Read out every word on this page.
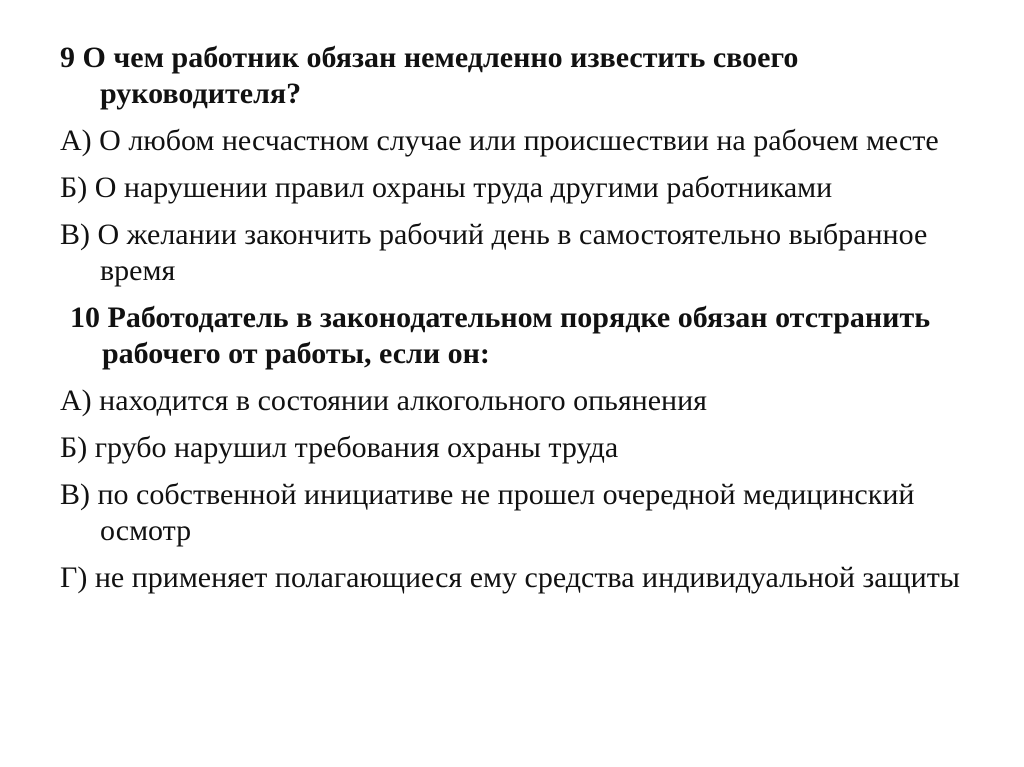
9 О чем работник обязан немедленно известить своего руководителя?

А) О любом несчастном случае или происшествии на рабочем месте

Б) О нарушении правил охраны труда другими работниками

В) О желании закончить рабочий день в самостоятельно выбранное время

10 Работодатель в законодательном порядке обязан отстранить рабочего от работы, если он:

А) находится в состоянии алкогольного опьянения

Б) грубо нарушил требования охраны труда

В) по собственной инициативе не прошел очередной медицинский осмотр

Г) не применяет полагающиеся ему средства индивидуальной защиты
